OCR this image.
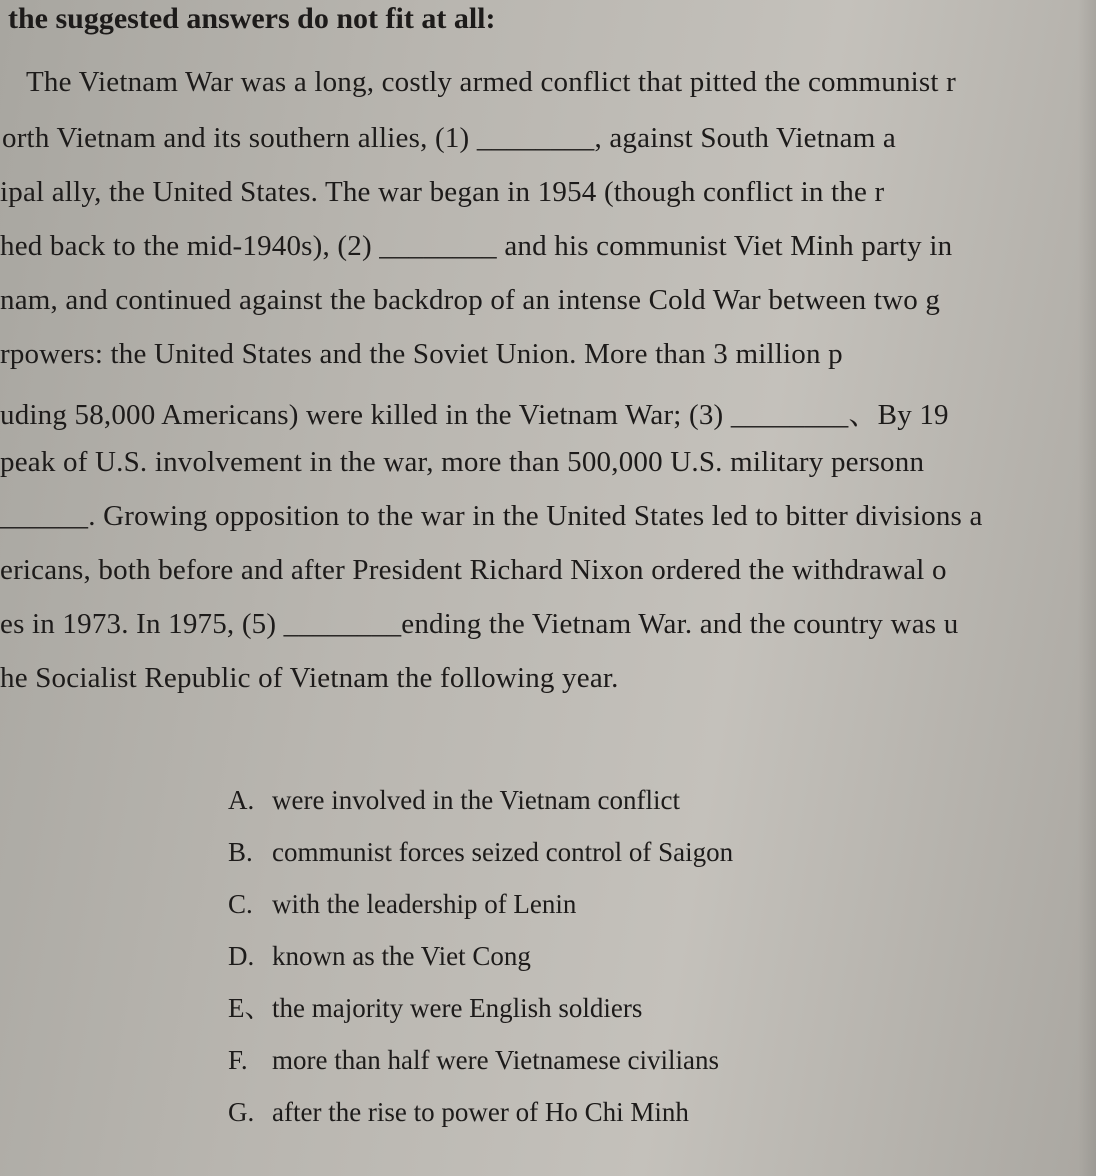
the suggested answers do not fit at all:
The Vietnam War was a long, costly armed conflict that pitted the communist r
orth Vietnam and its southern allies, (1) ________, against South Vietnam a
ipal ally, the United States. The war began in 1954 (though conflict in the r
hed back to the mid-1940s), (2) ________ and his communist Viet Minh party in
nam, and continued against the backdrop of an intense Cold War between two g
rpowers: the United States and the Soviet Union. More than 3 million p
uding 58,000 Americans) were killed in the Vietnam War; (3) ________、By 19
peak of U.S. involvement in the war, more than 500,000 U.S. military personn
______. Growing opposition to the war in the United States led to bitter divisions a
ericans, both before and after President Richard Nixon ordered the withdrawal o
es in 1973. In 1975, (5) ________ending the Vietnam War. and the country was u
he Socialist Republic of Vietnam the following year.
A. were involved in the Vietnam conflict
B. communist forces seized control of Saigon
C. with the leadership of Lenin
D. known as the Viet Cong
E、the majority were English soldiers
F. more than half were Vietnamese civilians
G. after the rise to power of Ho Chi Minh
